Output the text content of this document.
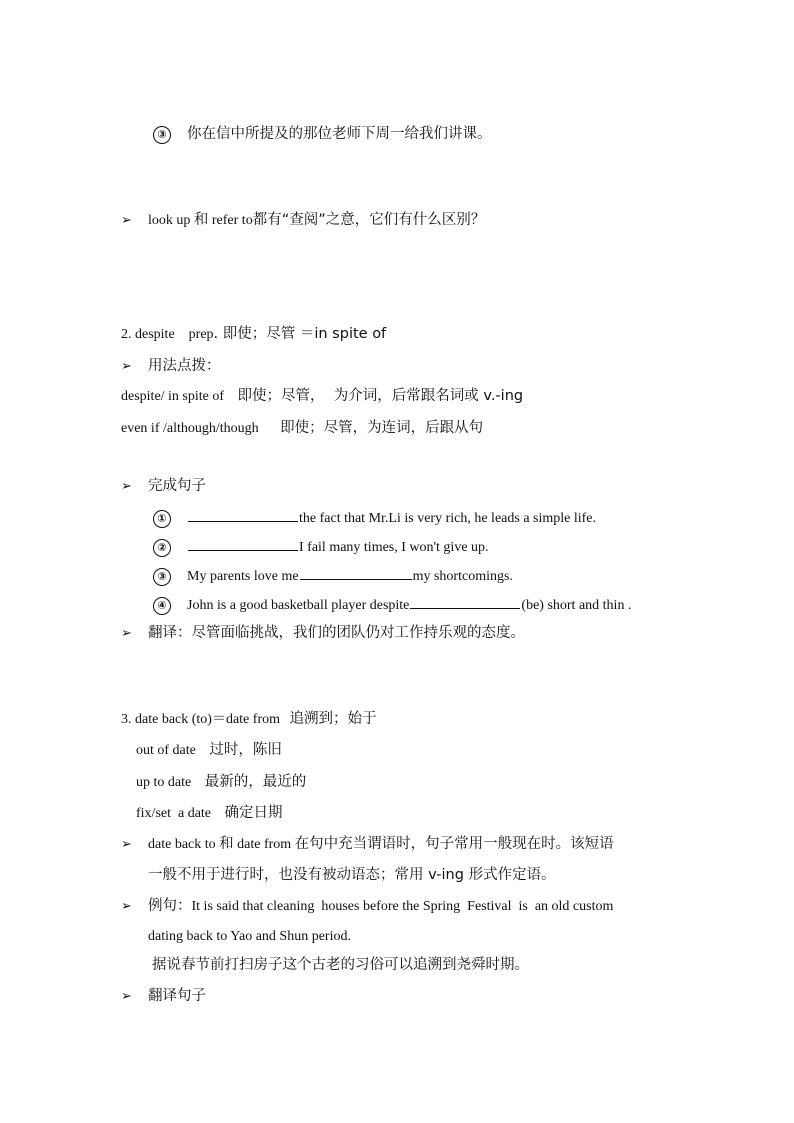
③ 你在信中所提及的那位老师下周一给我们讲课。
➢ look up 和 refer to都有“查阅”之意，它们有什么区别？
2. despite    prep. 即使；尽管 ＝in spite of
➢ 用法点拨：
despite/ in spite of 即使；尽管，  为介词，后常跟名词或 v.-ing
even if /although/though 即使；尽管，为连词，后跟从句
➢ 完成句子
①	the fact that Mr.Li is very rich, he leads a simple life.
②	I fail many times, I won't give up.
③	My parents love me	my shortcomings.
④	John is a good basketball player despite	(be) short and thin .
➢ 翻译：尽管面临挑战，我们的团队仍对工作持乐观的态度。
3. date back (to)＝date from 追溯到；始于
out of date 过时，陈旧
up to date 最新的，最近的
fix/set  a date 确定日期
➢ date back to 和 date from 在句中充当谓语时，句子常用一般现在时。该短语
一般不用于进行时，也没有被动语态；常用 v-ing 形式作定语。
➢ 例句：It is said that cleaning  houses before the Spring  Festival  is  an old custom
dating back to Yao and Shun period.
据说春节前打扫房子这个古老的习俗可以追溯到尧舜时期。
➢ 翻译句子
